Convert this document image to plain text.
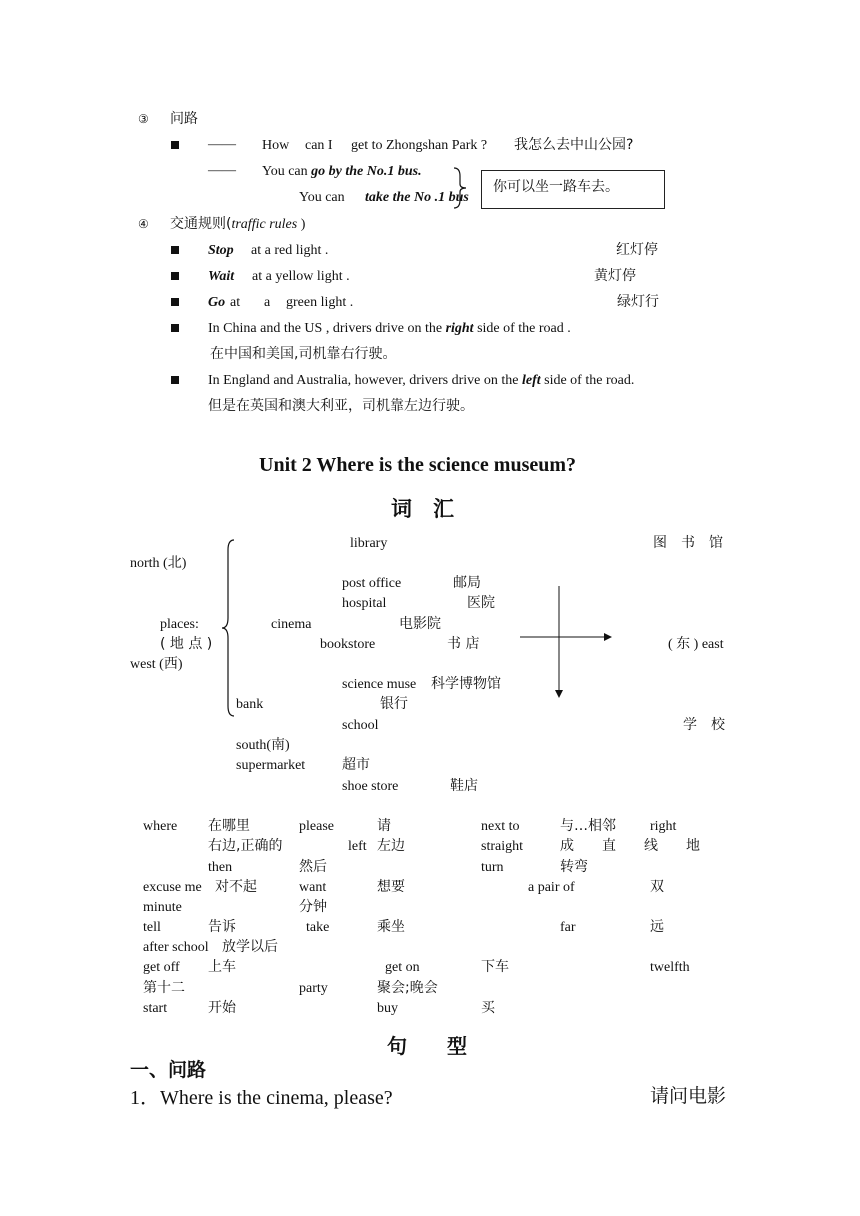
③ 问路
—— How can I get to Zhongshan Park ? 我怎么去中山公园?
—— You can go by the No.1 bus.
You can take the No .1 bus
你可以坐一路车去。
④ 交通规则(traffic rules )
Stop at a red light .	红灯停
Wait at a yellow light .	黄灯停
Go at a green light .	绿灯行
In China and the US , drivers drive on the right side of the road .
在中国和美国,司机靠右行驶。
In England and Australia, however, drivers drive on the left side of the road.
但是在英国和澳大利亚，司机靠左边行驶。
Unit 2 Where is the science museum?
词　汇
library	图　书　馆
north (北)
post office	邮局
hospital	医院
places:	cinema	电影院
( 地 点 )	bookstore	书 店	( 东 ) east
west (西)
science muse 科学博物馆
bank	银行
school	学　校
south(南)
supermarket	超市
shoe store	鞋店
where 在哪里	please	请	next to	与…相邻 right
右边,正确的	left 左边	straight	成　　直　　线　　地
then	然后	turn	转弯
excuse me 对不起	want	想要	a pair of	双
minute	分钟
tell	告诉	take	乘坐	far	远
after school 放学以后
get off 上车	get on	下车	twelfth
第十二	party	聚会;晚会
start	开始	buy	买
句　　型
一、问路
1．Where is the cinema, please?	请问电影
